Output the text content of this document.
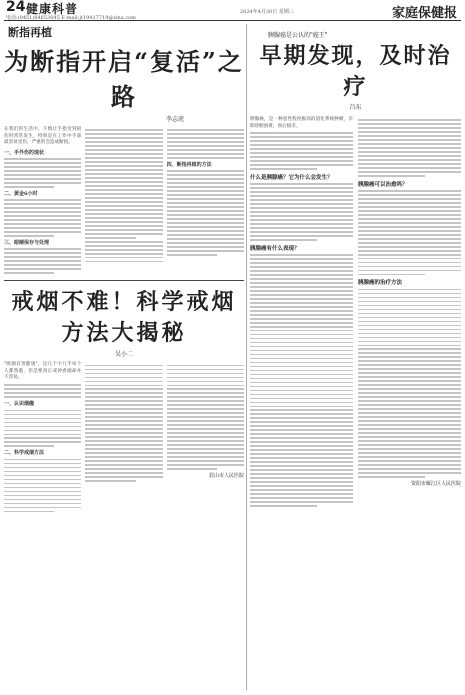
24 健康科普
电话:(0451)84653045 E-mail:jt19417719@sina.com
2024年4月30日 星期三	家庭保健报
断指再植
为断指开启“复活”之路
李志虎
在我们的生活中，不慎让手指受到损伤时常常发生，特别是在工作中手部最容易受伤，严重的会造成断指。
一、手外伤的现状
二、黄金6小时
三、眼睛保存与处理
四、断指再植的方法
戒烟不难！科学戒烟方法大揭秘
吴小二
"吸烟有害健康"，这几个字几乎每个人都熟悉，但是要真正戒掉香烟却并不容易。
一、认识烟瘾
二、科学戒烟方法
眉山市人民医院
胰腺癌是公认的"癌王"
早期发现，及时治疗
吕东
胰腺癌，是一种恶性程度极高的消化系统肿瘤，早期诊断困难，预后极差。
什么是胰腺癌？它为什么会发生？
胰腺癌有什么表现？
胰腺癌可以治愈吗？
胰腺癌的治疗方法
资阳市雁江区人民医院
